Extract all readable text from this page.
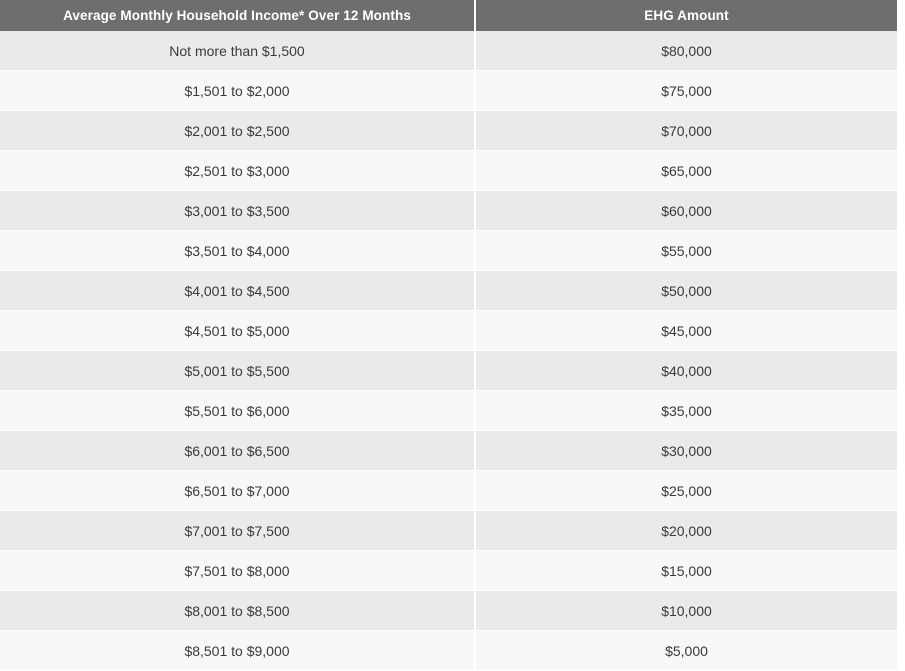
Average Monthly Household Income* Over 12 Months	EHG Amount
Not more than $1,500	$80,000
$1,501 to $2,000	$75,000
$2,001 to $2,500	$70,000
$2,501 to $3,000	$65,000
$3,001 to $3,500	$60,000
$3,501 to $4,000	$55,000
$4,001 to $4,500	$50,000
$4,501 to $5,000	$45,000
$5,001 to $5,500	$40,000
$5,501 to $6,000	$35,000
$6,001 to $6,500	$30,000
$6,501 to $7,000	$25,000
$7,001 to $7,500	$20,000
$7,501 to $8,000	$15,000
$8,001 to $8,500	$10,000
$8,501 to $9,000	$5,000
